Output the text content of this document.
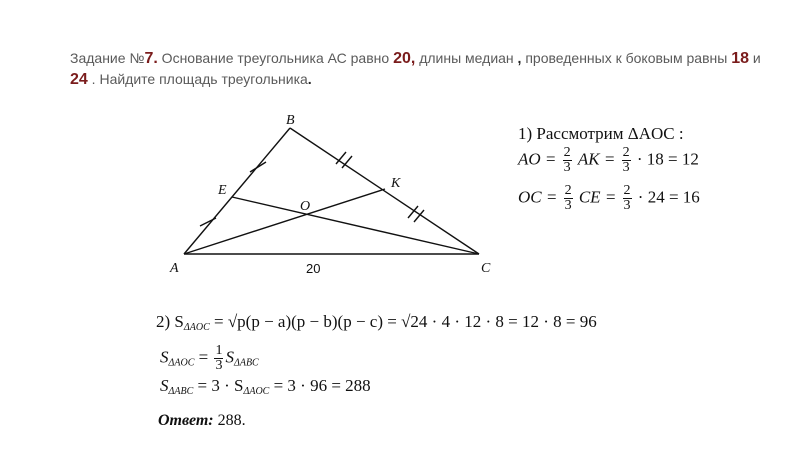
Задание №7. Основание треугольника АС равно 20, длины медиан , проведенных к боковым равны 18 и 24 . Найдите площадь треугольника.
A
B
C
E	K
O
20
1) Рассмотрим ΔAOC :
AO = $\frac{2}{3}$ AK = $\frac{2}{3} \cdot 18 = 12$
OC = $\frac{2}{3}$ CE = $\frac{2}{3} \cdot 24 = 16$
2) $S_{\Delta AOC} = √p(p - a)(p - b)(p - c) = √24 \cdot 4 \cdot 12 \cdot 8 = 12 \cdot 8 = 96$
$S_{\Delta AOC} = \frac{1}{3} S_{\Delta ABC}$
$S_{\Delta ABC} = 3 \cdot S_{\Delta AOC} = 3 \cdot 96 = 288$
Ответ: 288.
